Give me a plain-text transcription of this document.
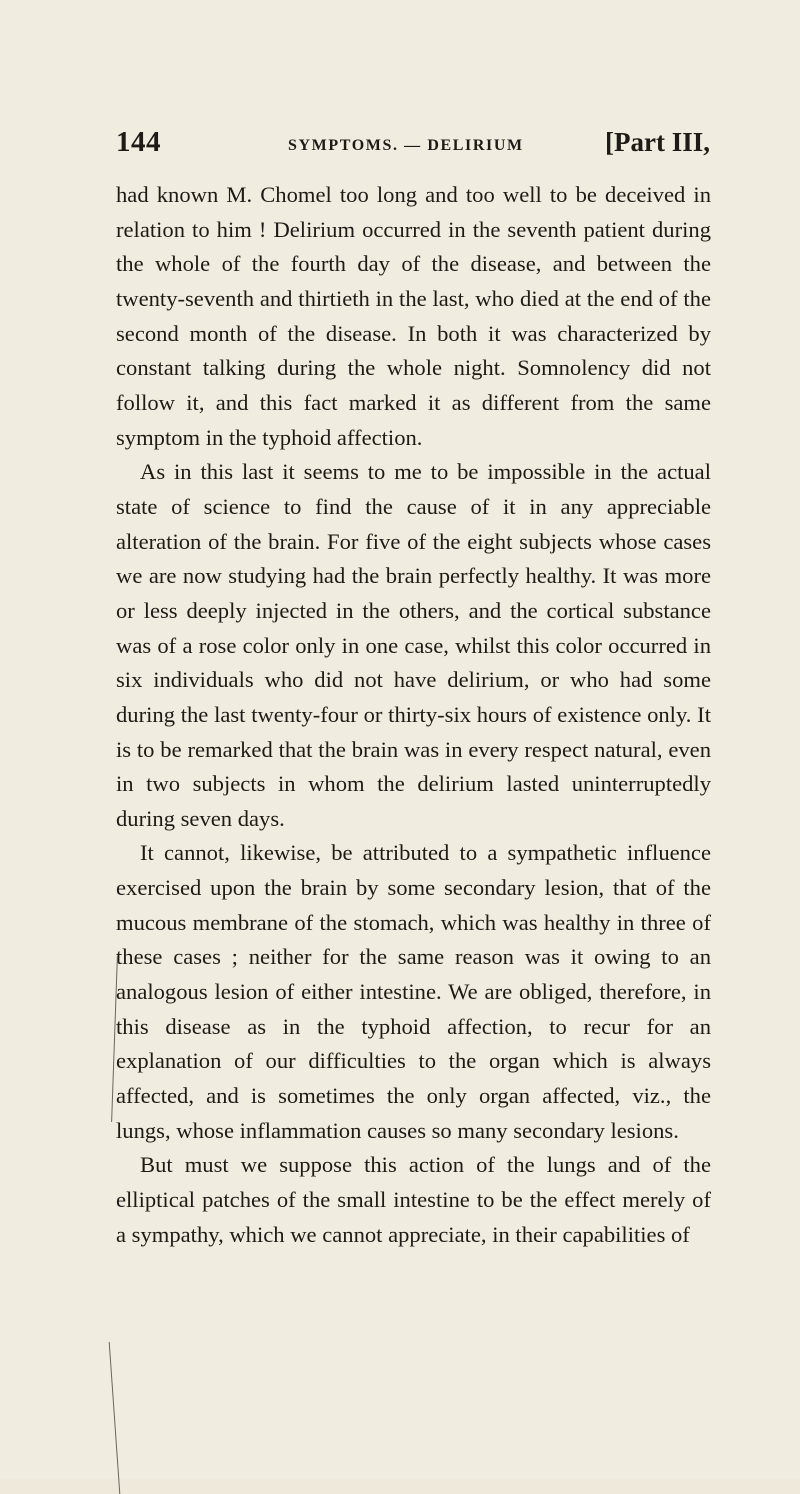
144	SYMPTOMS. — DELIRIUM	[Part III,

had known M. Chomel too long and too well to be deceived in relation to him ! Delirium occurred in the seventh patient during the whole of the fourth day of the disease, and between the twenty-seventh and thirtieth in the last, who died at the end of the second month of the disease. In both it was characterized by constant talking during the whole night. Somnolency did not follow it, and this fact marked it as different from the same symptom in the typhoid affection.

As in this last it seems to me to be impossible in the actual state of science to find the cause of it in any appreciable alteration of the brain. For five of the eight subjects whose cases we are now studying had the brain perfectly healthy. It was more or less deeply injected in the others, and the cortical substance was of a rose color only in one case, whilst this color occurred in six individuals who did not have delirium, or who had some during the last twenty-four or thirty-six hours of existence only. It is to be remarked that the brain was in every respect natural, even in two subjects in whom the delirium lasted uninterruptedly during seven days.

It cannot, likewise, be attributed to a sympathetic influence exercised upon the brain by some secondary lesion, that of the mucous membrane of the stomach, which was healthy in three of these cases ; neither for the same reason was it owing to an analogous lesion of either intestine. We are obliged, therefore, in this disease as in the typhoid affection, to recur for an explanation of our difficulties to the organ which is always affected, and is sometimes the only organ affected, viz., the lungs, whose inflammation causes so many secondary lesions.

But must we suppose this action of the lungs and of the elliptical patches of the small intestine to be the effect merely of a sympathy, which we cannot appreciate, in their capabilities of
